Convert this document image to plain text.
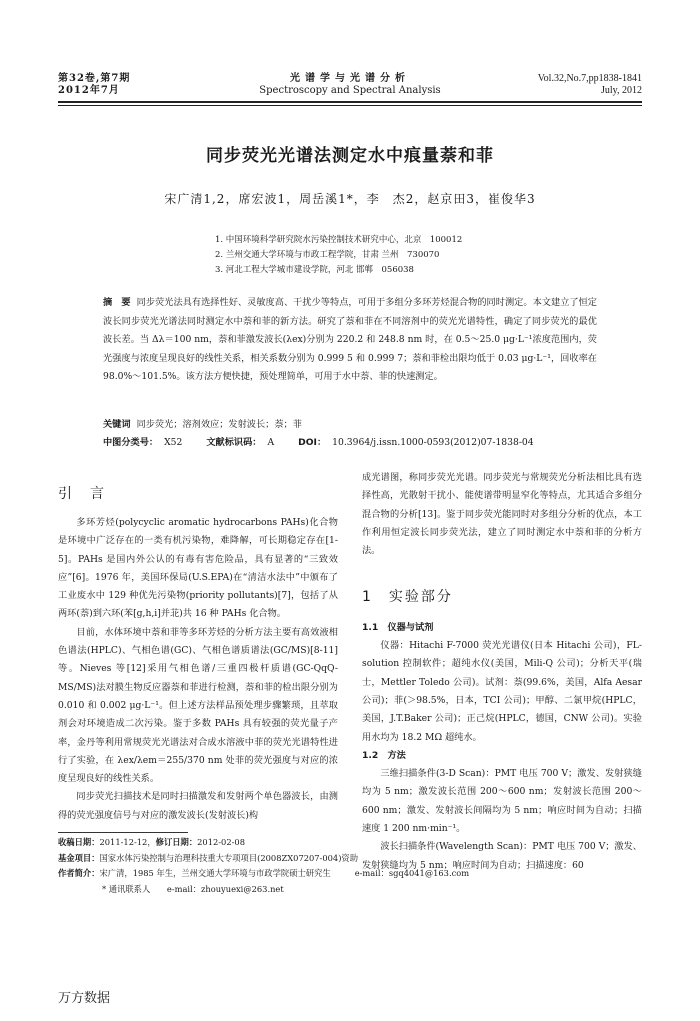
第32卷,第7期
2012年7月
光谱学与光谱分析
Spectroscopy and Spectral Analysis
Vol.32,No.7,pp1838-1841
July, 2012
同步荧光光谱法测定水中痕量萘和菲
宋广清1,2，席宏波1，周岳溪1*，李　杰2，赵京田3，崔俊华3
1. 中国环境科学研究院水污染控制技术研究中心，北京　100012
2. 兰州交通大学环境与市政工程学院，甘肃 兰州　730070
3. 河北工程大学城市建设学院，河北 邯郸　056038
摘　要 同步荧光法具有选择性好、灵敏度高、干扰少等特点，可用于多组分多环芳烃混合物的同时测定。本文建立了恒定波长同步荧光光谱法同时测定水中萘和菲的新方法。研究了萘和菲在不同溶剂中的荧光光谱特性，确定了同步荧光的最优波长差。当 Δλ＝100 nm，萘和菲激发波长(λex)分别为 220.2 和 248.8 nm 时，在 0.5～25.0 μg·L⁻¹浓度范围内，荧光强度与浓度呈现良好的线性关系，相关系数分别为 0.999 5 和 0.999 7；萘和菲检出限均低于 0.03 μg·L⁻¹，回收率在 98.0%～101.5%。该方法方便快捷，预处理简单，可用于水中萘、菲的快速测定。
关键词 同步荧光；溶剂效应；发射波长；萘；菲
中图分类号： X52	文献标识码： A	DOI： 10.3964/j.issn.1000-0593(2012)07-1838-04
引　言

多环芳烃(polycyclic aromatic hydrocarbons PAHs)化合物是环境中广泛存在的一类有机污染物，难降解，可长期稳定存在[1-5]。PAHs 是国内外公认的有毒有害危险品，具有显著的“三致效应”[6]。1976 年，美国环保局(U.S.EPA)在“清洁水法中”中颁布了工业废水中 129 种优先污染物(priority pollutants)[7]，包括了从两环(萘)到六环(苯[g,h,i]并苝)共 16 种 PAHs 化合物。

目前，水体环境中萘和菲等多环芳烃的分析方法主要有高效液相色谱法(HPLC)、气相色谱(GC)、气相色谱质谱法(GC/MS)[8-11]等。Nieves 等[12]采用气相色谱/三重四极杆质谱(GC-QqQ-MS/MS)法对膜生物反应器萘和菲进行检测，萘和菲的检出限分别为 0.010 和 0.002 μg·L⁻¹。但上述方法样品预处理步骤繁琐，且萃取剂会对环境造成二次污染。鉴于多数 PAHs 具有较强的荧光量子产率，金丹等利用常规荧光光谱法对合成水溶液中菲的荧光光谱特性进行了实验，在 λex/λem＝255/370 nm 处菲的荧光强度与对应的浓度呈现良好的线性关系。

同步荧光扫描技术是同时扫描激发和发射两个单色器波长，由测得的荧光强度信号与对应的激发波长(发射波长)构

成光谱图，称同步荧光光谱。同步荧光与常规荧光分析法相比具有选择性高，光散射干扰小、能使谱带明显窄化等特点，尤其适合多组分混合物的分析[13]。鉴于同步荧光能同时对多组分分析的优点，本工作利用恒定波长同步荧光法，建立了同时测定水中萘和菲的分析方法。

1　实验部分
1.1　仪器与试剂

仪器：Hitachi F-7000 荧光光谱仪(日本 Hitachi 公司)，FL-solution 控制软件；超纯水仪(美国，Mili-Q 公司)；分析天平(瑞士，Mettler Toledo 公司)。试剂：萘(99.6%，美国，Alfa Aesar 公司)；菲(＞98.5%，日本，TCI 公司)；甲醇、二氯甲烷(HPLC，美国，J.T.Baker 公司)；正己烷(HPLC，德国，CNW 公司)。实验用水均为 18.2 MΩ 超纯水。

1.2　方法

三维扫描条件(3-D Scan)：PMT 电压 700 V；激发、发射狭缝均为 5 nm；激发波长范围 200～600 nm；发射波长范围 200～600 nm；激发、发射波长间隔均为 5 nm；响应时间为自动；扫描速度 1 200 nm·min⁻¹。

波长扫描条件(Wavelength Scan)：PMT 电压 700 V；激发、发射狭缝均为 5 nm；响应时间为自动；扫描速度：60

收稿日期：2011-12-12，修订日期：2012-02-08
基金项目：国家水体污染控制与治理科技重大专项项目(2008ZX07207-004)资助
作者简介：宋广清，1985 年生，兰州交通大学环境与市政学院硕士研究生	e-mail：sgq4041@163.com
* 通讯联系人　　e-mail：zhouyuexi@263.net
万方数据
